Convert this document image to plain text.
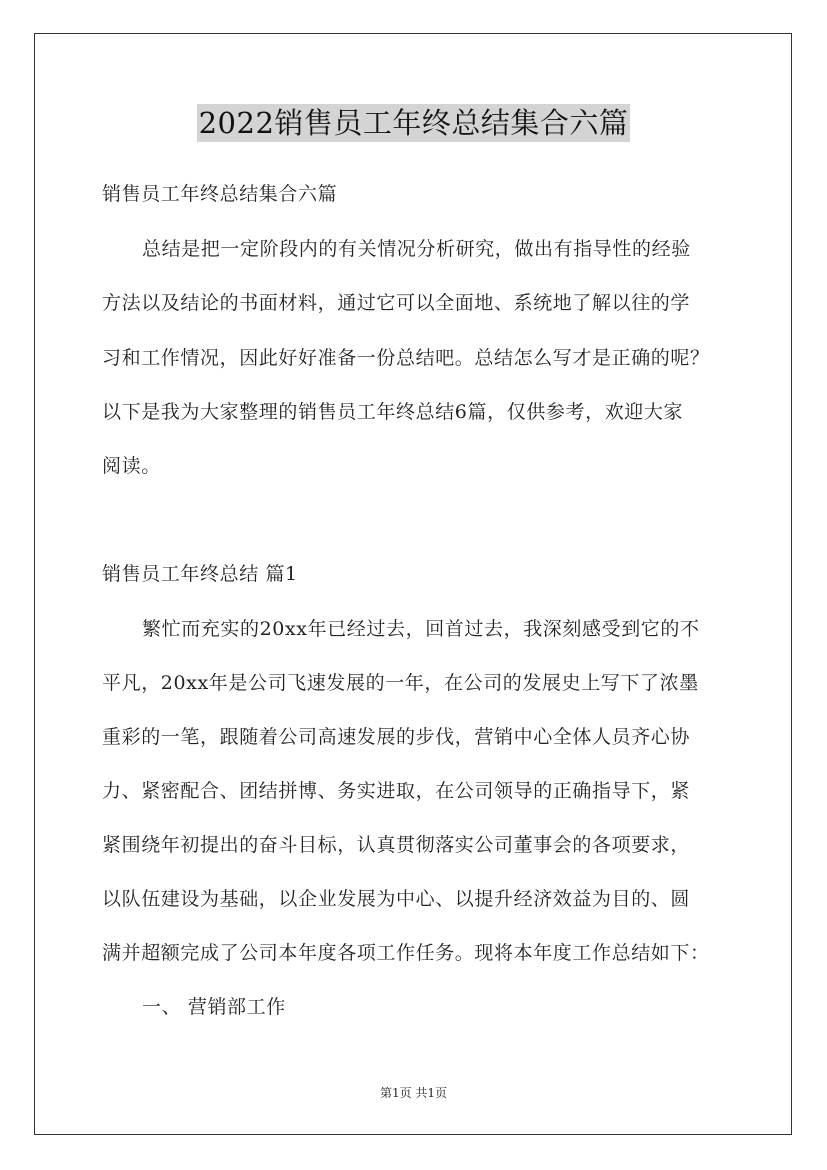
2022销售员工年终总结集合六篇
销售员工年终总结集合六篇
总结是把一定阶段内的有关情况分析研究，做出有指导性的经验
方法以及结论的书面材料，通过它可以全面地、系统地了解以往的学
习和工作情况，因此好好准备一份总结吧。总结怎么写才是正确的呢？
以下是我为大家整理的销售员工年终总结6篇，仅供参考，欢迎大家
阅读。
销售员工年终总结 篇1
繁忙而充实的20xx年已经过去，回首过去，我深刻感受到它的不
平凡，20xx年是公司飞速发展的一年，在公司的发展史上写下了浓墨
重彩的一笔，跟随着公司高速发展的步伐，营销中心全体人员齐心协
力、紧密配合、团结拼博、务实进取，在公司领导的正确指导下，紧
紧围绕年初提出的奋斗目标，认真贯彻落实公司董事会的各项要求，
以队伍建设为基础，以企业发展为中心、以提升经济效益为目的、圆
满并超额完成了公司本年度各项工作任务。现将本年度工作总结如下：
一、 营销部工作
第1页 共1页
